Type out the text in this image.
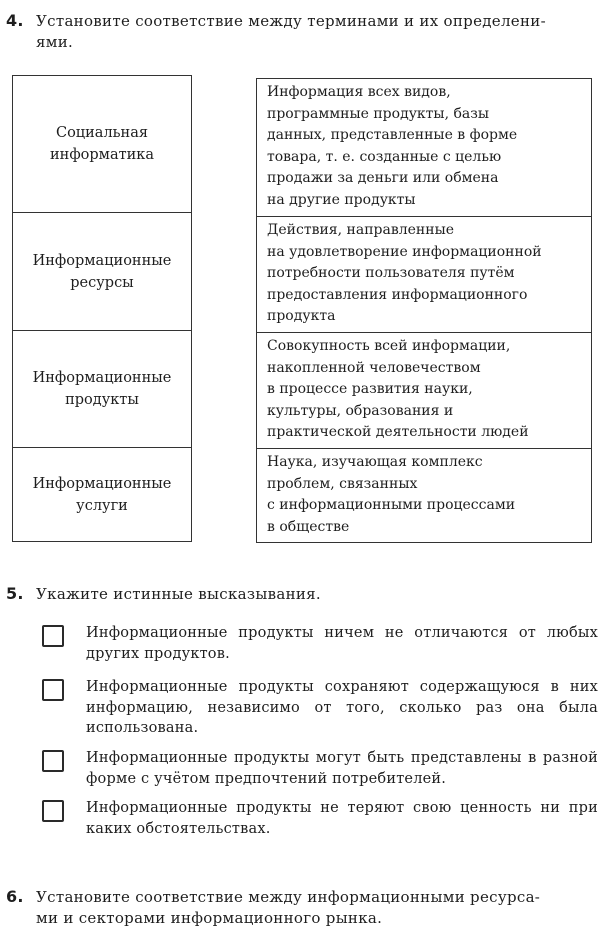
4. Установите соответствие между терминами и их определени-
ями.
Социальная информатика
Информационные ресурсы
Информационные продукты
Информационные услуги
Информация всех видов,
программные продукты, базы
данных, представленные в форме
товара, т. е. созданные с целью
продажи за деньги или обмена
на другие продукты
Действия, направленные
на удовлетворение информационной
потребности пользователя путём
предоставления информационного
продукта
Совокупность всей информации,
накопленной человечеством
в процессе развития науки,
культуры, образования и
практической деятельности людей
Наука, изучающая комплекс
проблем, связанных
с информационными процессами
в обществе
5. Укажите истинные высказывания.
Информационные продукты ничем не отличаются от любых других продуктов.
Информационные продукты сохраняют содержащуюся в них информацию, независимо от того, сколько раз она была использована.
Информационные продукты могут быть представлены в разной форме с учётом предпочтений потребителей.
Информационные продукты не теряют свою ценность ни при каких обстоятельствах.
6. Установите соответствие между информационными ресурса-
ми и секторами информационного рынка.
